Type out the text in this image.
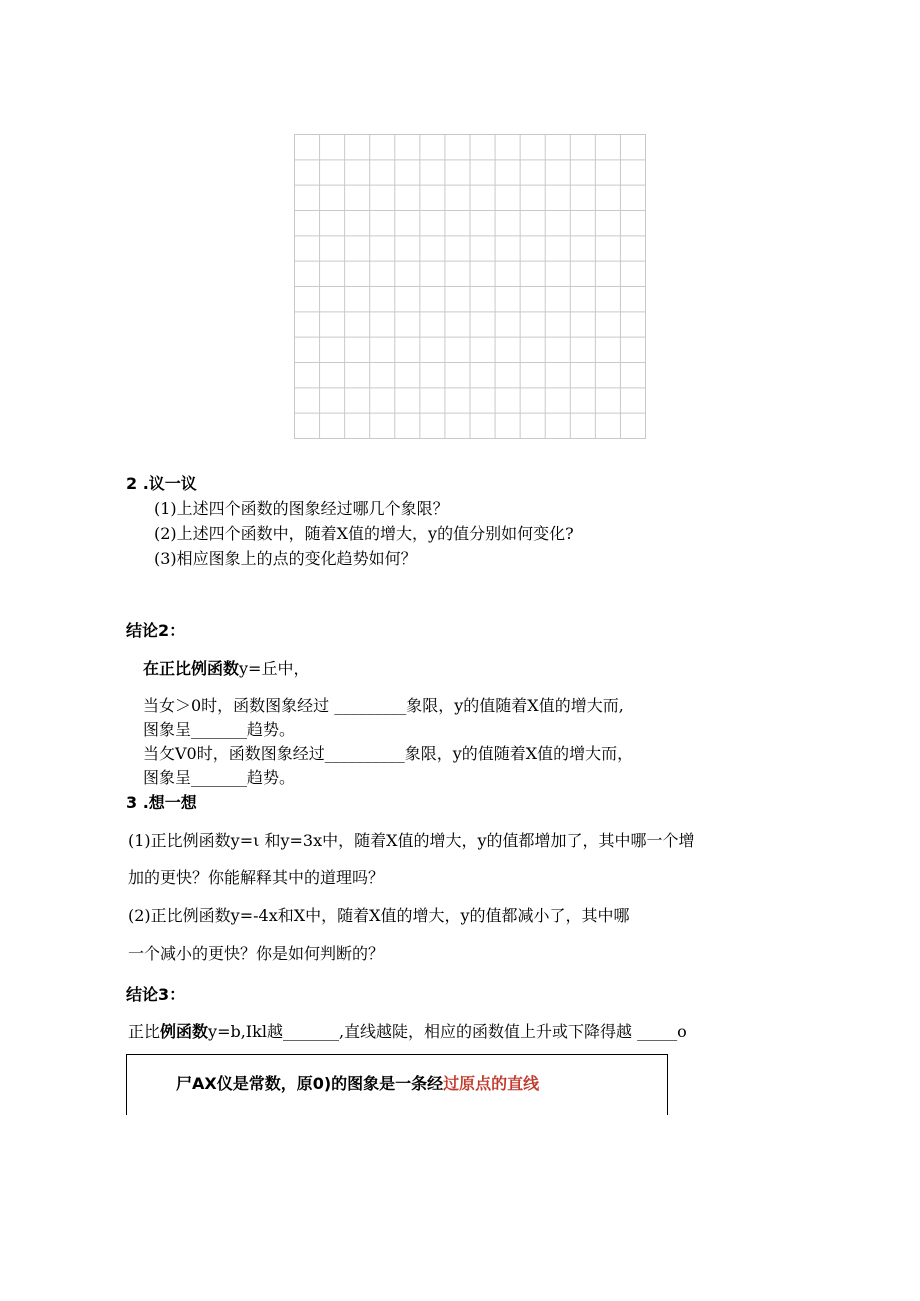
2 .议一议
(1)上述四个函数的图象经过哪几个象限？
(2)上述四个函数中，随着X值的增大，y的值分别如何变化?
(3)相应图象上的点的变化趋势如何？
结论2：
在正比例函数y=丘中，
当女＞0时，函数图象经过 _________象限，y的值随着X值的增大而,
图象呈_______趋势。
当攵V0时，函数图象经过__________象限，y的值随着X值的增大而，
图象呈_______趋势。
3 .想一想
(1)正比例函数y=ι 和y=3x中，随着X值的增大，y的值都增加了，其中哪一个增
加的更快？你能解释其中的道理吗？
(2)正比例函数y=-4x和X中，随着X值的增大，y的值都减小了，其中哪
一个减小的更快？你是如何判断的？
结论3：
正比例函数y=b,Ikl越_______,直线越陡，相应的函数值上升或下降得越 _____o
尸AX仪是常数，原0)的图象是一条经过原点的直线
